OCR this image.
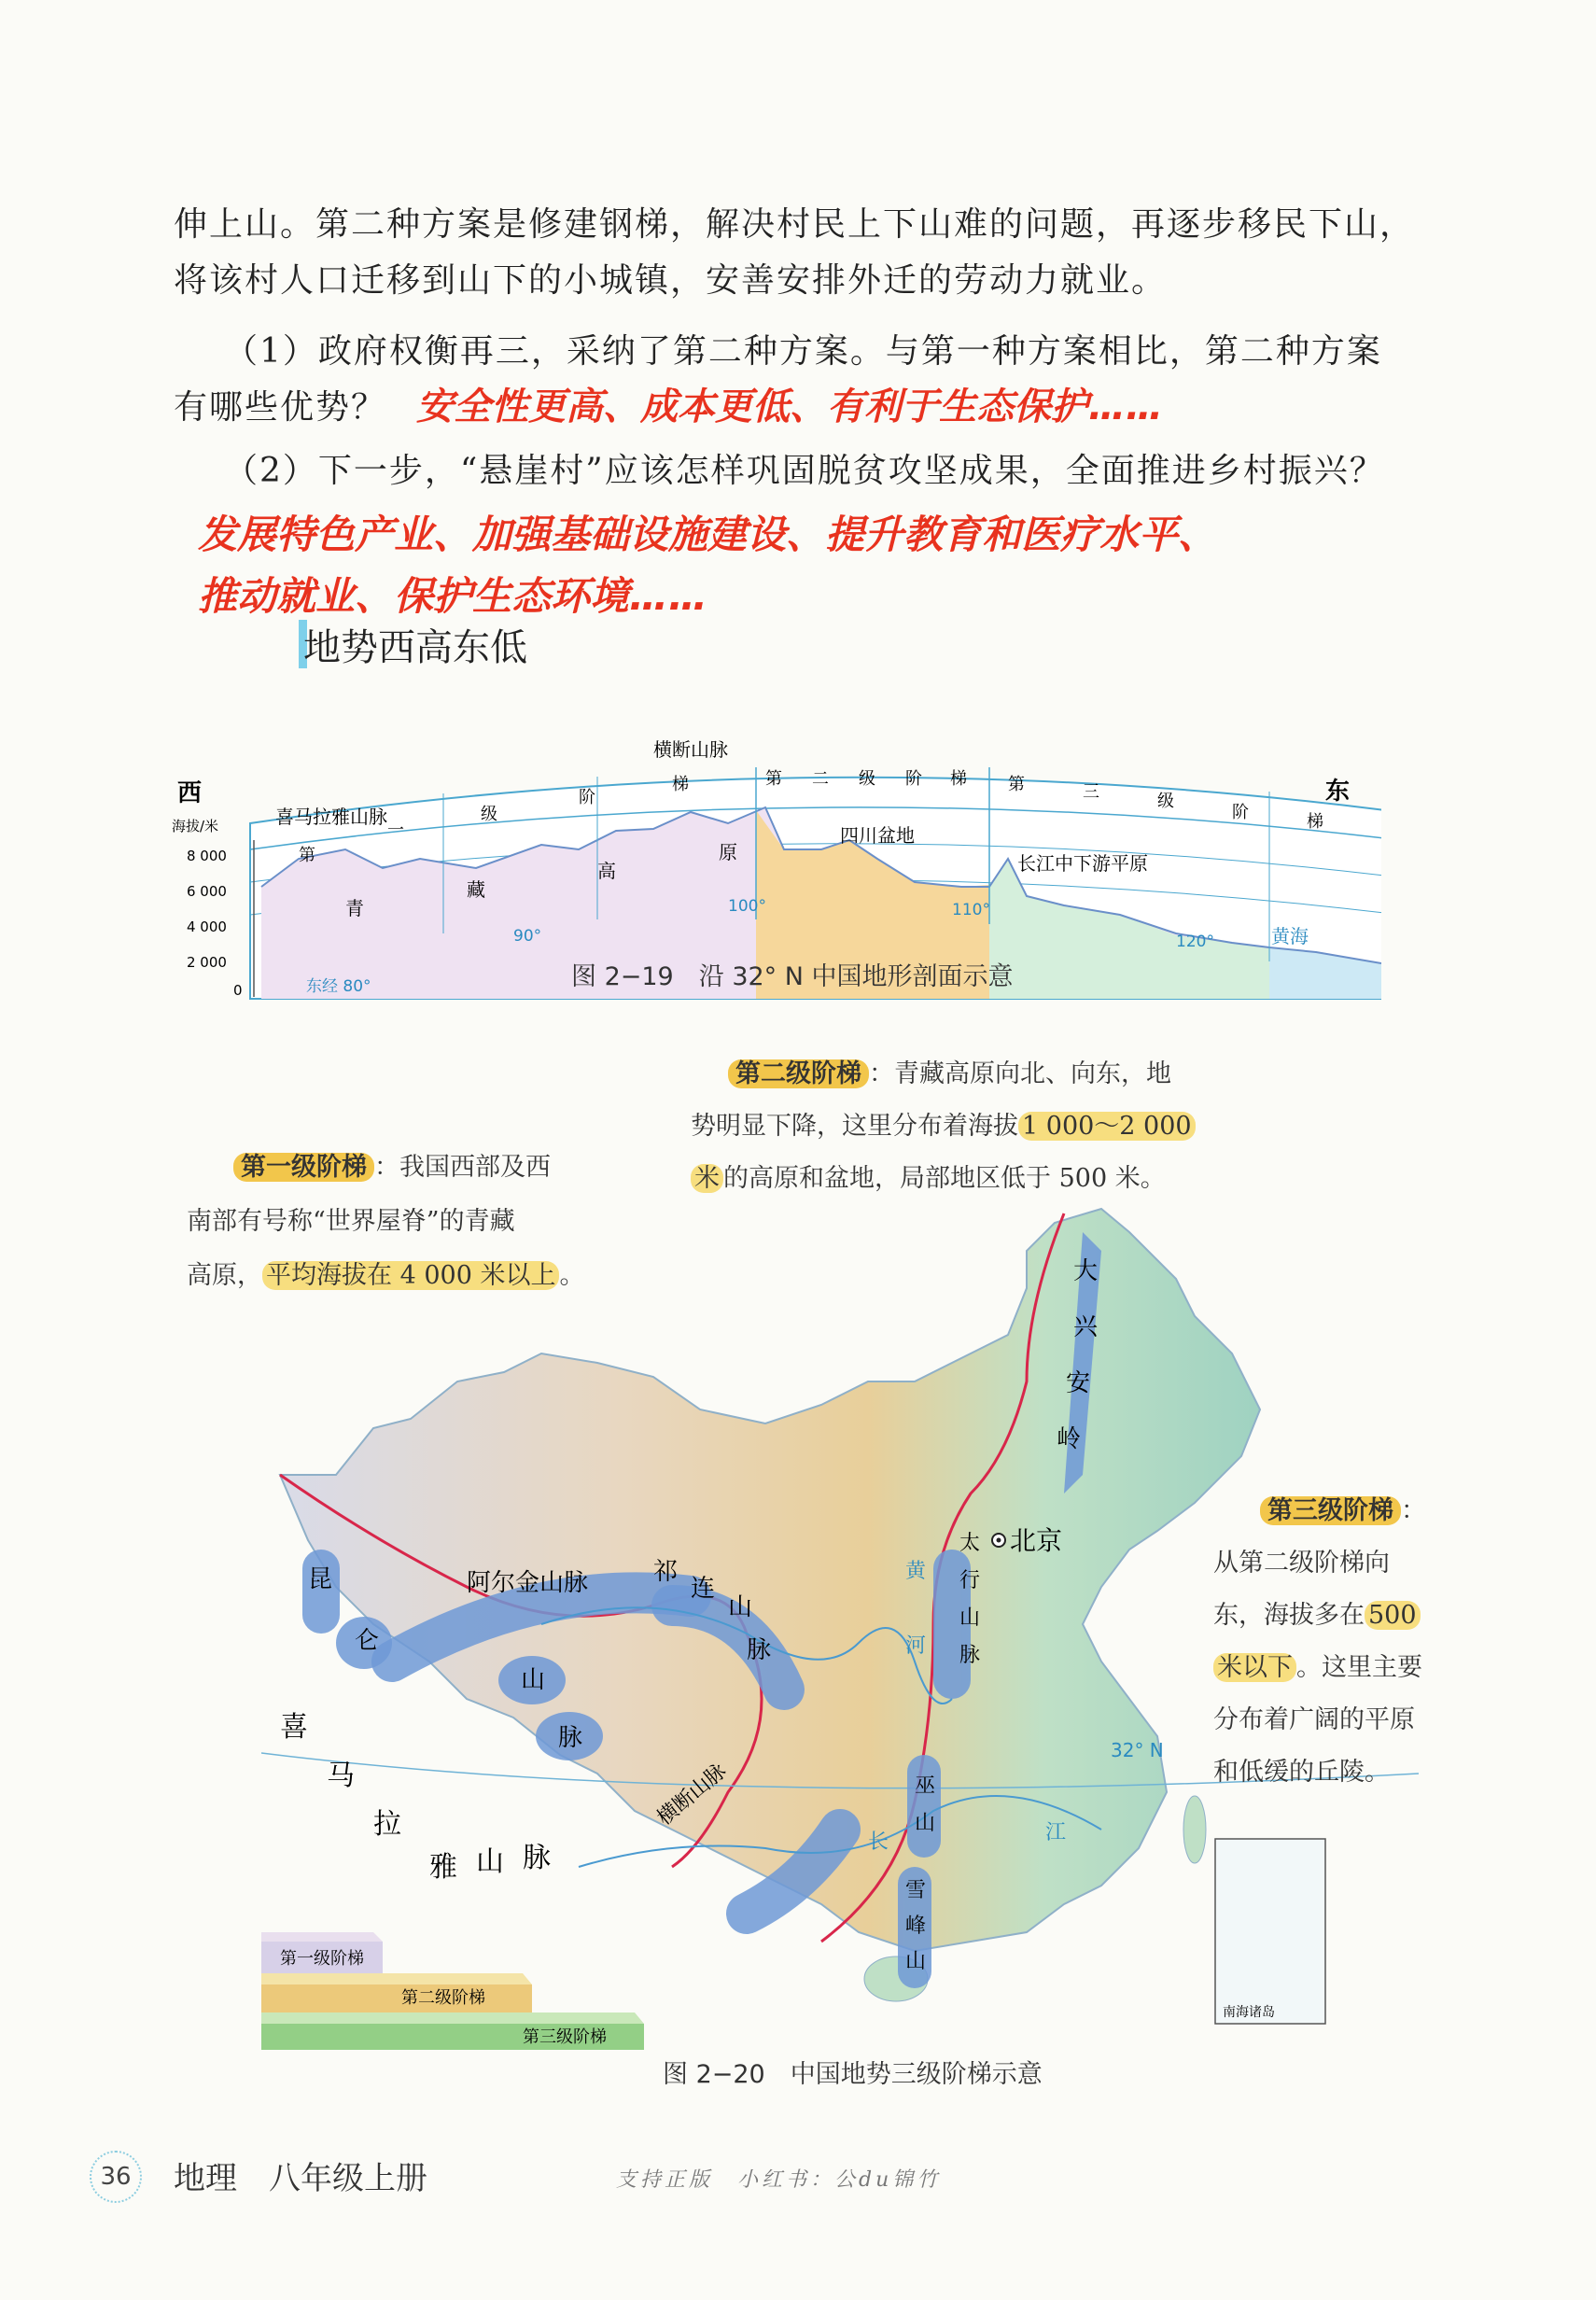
伸上山。第二种方案是修建钢梯，解决村民上下山难的问题，再逐步移民下山，
将该村人口迁移到山下的小城镇，安善安排外迁的劳动力就业。
（1）政府权衡再三，采纳了第二种方案。与第一种方案相比，第二种方案
有哪些优势？ 安全性更高、成本更低、有利于生态保护……
（2）下一步，“悬崖村”应该怎样巩固脱贫攻坚成果，全面推进乡村振兴？
发展特色产业、加强基础设施建设、提升教育和医疗水平、
推动就业、保护生态环境……
地势西高东低
西	东
海拔/米
8 000
6 000
4 000
2 000
0	东经 80°
90°
100°	110°
120°
第
一
级
阶
梯	第 二 级 阶 梯 第	三	级
阶	梯
喜马拉雅山脉
横断山脉
青
藏
高
原
四川盆地
长江中下游平原
黄海
图 2−19　沿 32° N 中国地形剖面示意
北京
大
兴
安
岭
太
行
山
脉
巫
山
雪
峰
山
昆
仑
阿尔金山脉	祁
连
山
脉
山
脉
喜
马
拉
雅 山 脉
横断山脉
黄
河
长	江
32° N
南海诸岛
第一级阶梯
第二级阶梯
第三级阶梯
第二级阶梯 ：青藏高原向北、向东，地
势明显下降，这里分布着海拔 1 000～2 000
米 的高原和盆地，局部地区低于 500 米。
第一级阶梯 ：我国西部及西
南部有号称“世界屋脊”的青藏
高原， 平均海拔在 4 000 米以上 。
第三级阶梯 ：
从第二级阶梯向
东，海拔多在 500
米以下 。这里主要
分布着广阔的平原
和低缓的丘陵。
图 2−20　中国地势三级阶梯示意
36	地理　八年级上册	支持正版　小红书：公du锦竹
